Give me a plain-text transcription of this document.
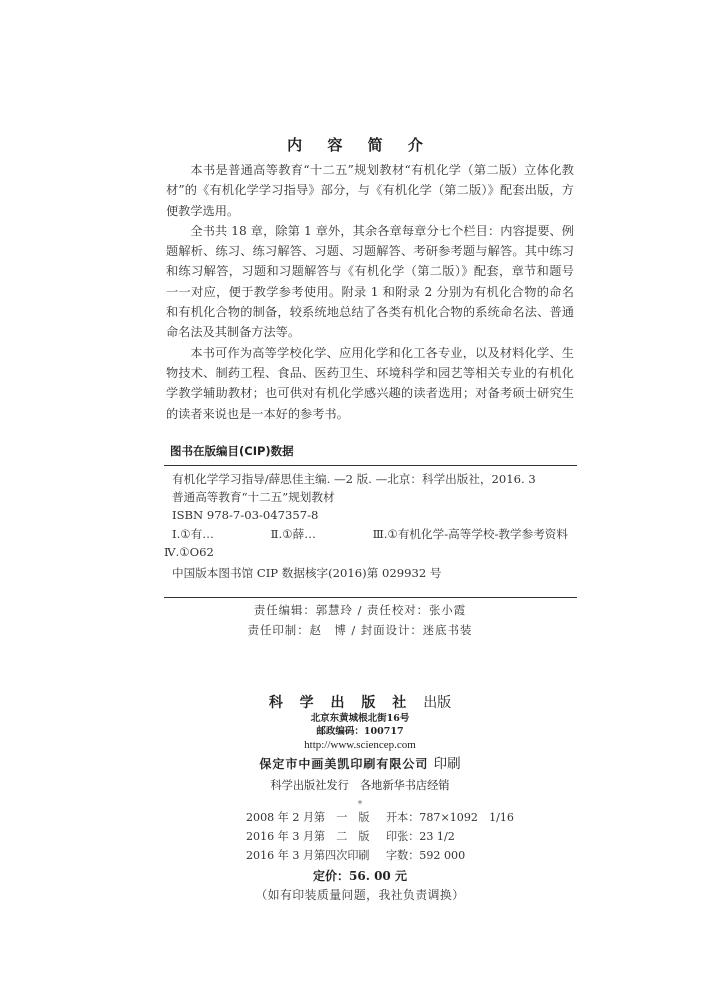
内 容 简 介

本书是普通高等教育“十二五”规划教材“有机化学（第二版）立体化教材”的《有机化学学习指导》部分，与《有机化学（第二版）》配套出版，方便教学选用。

全书共 18 章，除第 1 章外，其余各章每章分七个栏目：内容提要、例题解析、练习、练习解答、习题、习题解答、考研参考题与解答。其中练习和练习解答，习题和习题解答与《有机化学（第二版）》配套，章节和题号一一对应，便于教学参考使用。附录 1 和附录 2 分别为有机化合物的命名和有机化合物的制备，较系统地总结了各类有机化合物的系统命名法、普通命名法及其制备方法等。

本书可作为高等学校化学、应用化学和化工各专业，以及材料化学、生物技术、制药工程、食品、医药卫生、环境科学和园艺等相关专业的有机化学教学辅助教材；也可供对有机化学感兴趣的读者选用；对备考硕士研究生的读者来说也是一本好的参考书。

图书在版编目(CIP)数据
有机化学学习指导/薛思佳主编. —2 版. —北京：科学出版社，2016. 3
普通高等教育“十二五”规划教材
ISBN 978-7-03-047357-8
Ⅰ.①有…	Ⅱ.①薛…	Ⅲ.①有机化学-高等学校-教学参考资料
Ⅳ.①O62
中国版本图书馆 CIP 数据核字(2016)第 029932 号
责任编辑：郭慧玲 / 责任校对：张小霞
责任印制：赵　博 / 封面设计：迷底书装
科 学 出 版 社 出版
北京东黄城根北街16号
邮政编码：100717
http://www.sciencep.com
保定市中画美凯印刷有限公司 印刷
科学出版社发行　各地新华书店经销
*
2008 年 2 月第　一　版	开本：787×1092　1/16
2016 年 3 月第　二　版	印张：23 1/2
2016 年 3 月第四次印刷	字数：592 000
定价：56. 00 元
（如有印装质量问题，我社负责调换）
